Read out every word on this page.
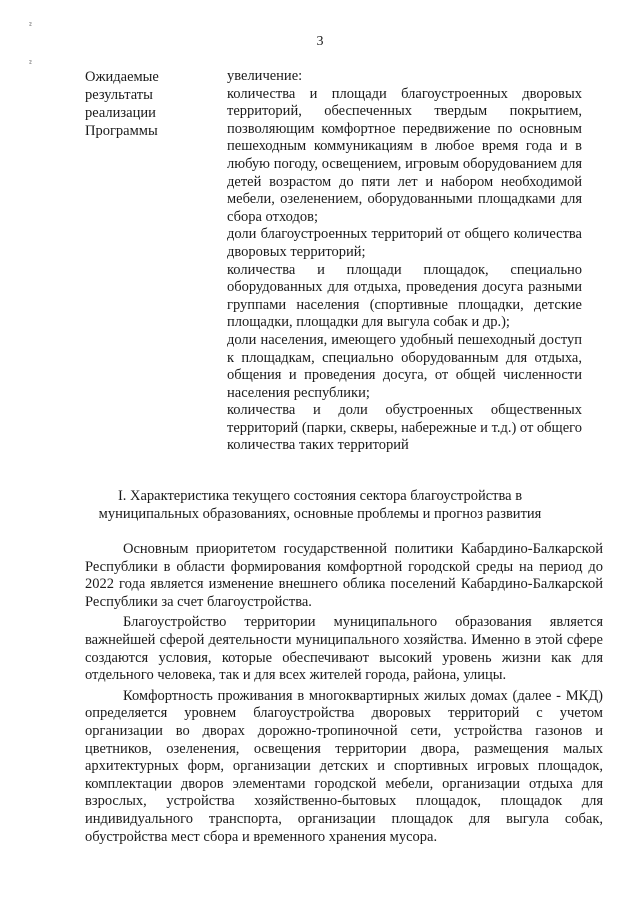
3
²
²
Ожидаемые
результаты
реализации
Программы

увеличение:

количества и площади благоустроенных дворовых территорий, обеспеченных твердым покрытием, позволяющим комфортное передвижение по основным пешеходным коммуникациям в любое время года и в любую погоду, освещением, игровым оборудованием для детей возрастом до пяти лет и набором необходимой мебели, озеленением, оборудованными площадками для сбора отходов;

доли благоустроенных территорий от общего количества дворовых территорий;

количества и площади площадок, специально оборудованных для отдыха, проведения досуга разными группами населения (спортивные площадки, детские площадки, площадки для выгула собак и др.);

доли населения, имеющего удобный пешеходный доступ к площадкам, специально оборудованным для отдыха, общения и проведения досуга, от общей численности населения республики;

количества и доли обустроенных общественных территорий (парки, скверы, набережные и т.д.) от общего количества таких территорий

I. Характеристика текущего состояния сектора благоустройства в
муниципальных образованиях, основные проблемы и прогноз развития

Основным приоритетом государственной политики Кабардино-Балкарской Республики в области формирования комфортной городской среды на период до 2022 года является изменение внешнего облика поселений Кабардино-Балкарской Республики за счет благоустройства.

Благоустройство территории муниципального образования является важнейшей сферой деятельности муниципального хозяйства. Именно в этой сфере создаются условия, которые обеспечивают высокий уровень жизни как для отдельного человека, так и для всех жителей города, района, улицы.

Комфортность проживания в многоквартирных жилых домах (далее - МКД) определяется уровнем благоустройства дворовых территорий с учетом организации во дворах дорожно-тропиночной сети, устройства газонов и цветников, озеленения, освещения территории двора, размещения малых архитектурных форм, организации детских и спортивных игровых площадок, комплектации дворов элементами городской мебели, организации отдыха для взрослых, устройства хозяйственно-бытовых площадок, площадок для индивидуального транспорта, организации площадок для выгула собак, обустройства мест сбора и временного хранения мусора.
